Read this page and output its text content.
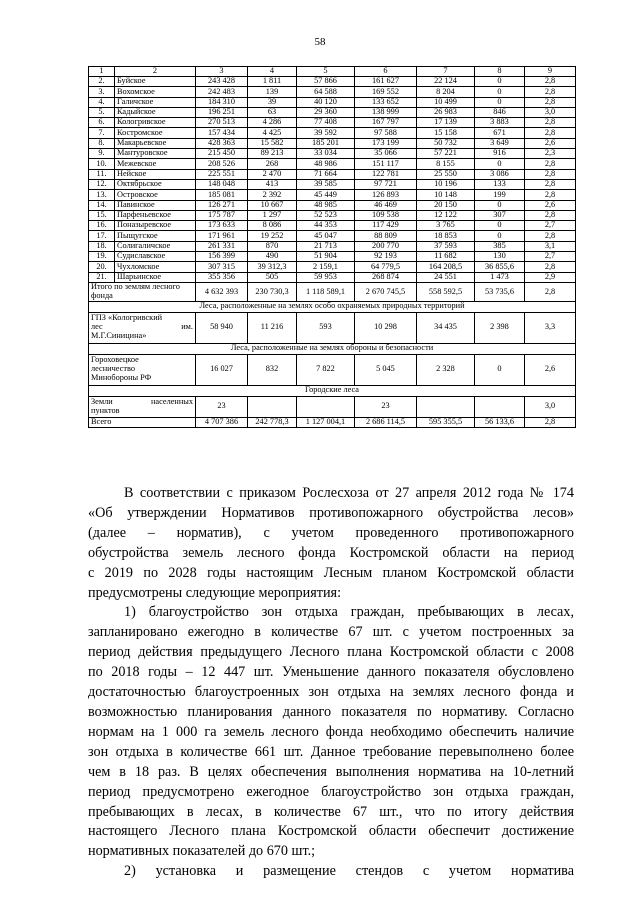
58
1	2	3	4	5	6	7	8	9
2.	Буйское	243 428	1 811	57 866	161 627	22 124	0	2,8
3.	Вохомское	242 483	139	64 588	169 552	8 204	0	2,8
4.	Галичское	184 310	39	40 120	133 652	10 499	0	2,8
5.	Кадыйское	196 251	63	29 360	138 999	26 983	846	3,0
6.	Кологривское	270 513	4 286	77 408	167 797	17 139	3 883	2,8
7.	Костромское	157 434	4 425	39 592	97 588	15 158	671	2,8
8.	Макарьевское	428 363	15 582	185 201	173 199	50 732	3 649	2,6
9.	Мантуровское	215 450	89 213	33 034	35 066	57 221	916	2,3
10.	Межевское	208 526	268	48 986	151 117	8 155	0	2,8
11.	Нейское	225 551	2 470	71 664	122 781	25 550	3 086	2,8
12.	Октябрьское	148 048	413	39 585	97 721	10 196	133	2,8
13.	Островское	185 081	2 392	45 449	126 893	10 148	199	2,8
14.	Павинское	126 271	10 667	48 985	46 469	20 150	0	2,6
15.	Парфеньевское	175 787	1 297	52 523	109 538	12 122	307	2,8
16.	Поназыревское	173 633	8 086	44 353	117 429	3 765	0	2,7
17.	Пыщугское	171 961	19 252	45 047	88 809	18 853	0	2,8
18.	Солигаличское	261 331	870	21 713	200 770	37 593	385	3,1
19.	Судиславское	156 399	490	51 904	92 193	11 682	130	2,7
20.	Чухломское	307 315	39 312,3	2 159,1	64 779,5	164 208,5	36 855,6	2,8
21.	Шарьинское	355 356	505	59 953	268 874	24 551	1 473	2,9
Итого по землям лесного фонда		4 632 393	230 730,3	1 118 589,1	2 670 745,5	558 592,5	53 735,6	2,8
Леса, расположенные на землях особо охраняемых природных территорий								

ГПЗ «Кологривский
лес им.
М.Г.Синицина»		58 940	11 216	593	10 298	34 435	2 398	3,3
Леса, расположенные на землях обороны и безопасности								

Гороховецкое
лесничество
Минобороны РФ		16 027	832	7 822	5 045	2 328	0	2,6
Городские леса								

Земли населенных
пунктов		23			23			3,0
Всего		4 707 386	242 778,3	1 127 004,1	2 686 114,5	595 355,5	56 133,6	2,8

В соответствии с приказом Рослесхоза от 27 апреля 2012 года № 174

«Об утверждении Нормативов противопожарного обустройства лесов»

(далее – норматив), с учетом проведенного противопожарного

обустройства земель лесного фонда Костромской области на период

с 2019 по 2028 годы настоящим Лесным планом Костромской области

предусмотрены следующие мероприятия:

1) благоустройство зон отдыха граждан, пребывающих в лесах,

запланировано ежегодно в количестве 67 шт. с учетом построенных за

период действия предыдущего Лесного плана Костромской области с 2008

по 2018 годы – 12 447 шт. Уменьшение данного показателя обусловлено

достаточностью благоустроенных зон отдыха на землях лесного фонда и

возможностью планирования данного показателя по нормативу. Согласно

нормам на 1 000 га земель лесного фонда необходимо обеспечить наличие

зон отдыха в количестве 661 шт. Данное требование перевыполнено более

чем в 18 раз. В целях обеспечения выполнения норматива на 10-летний

период предусмотрено ежегодное благоустройство зон отдыха граждан,

пребывающих в лесах, в количестве 67 шт., что по итогу действия

настоящего Лесного плана Костромской области обеспечит достижение

нормативных показателей до 670 шт.;

2) установка и размещение стендов с учетом норматива
